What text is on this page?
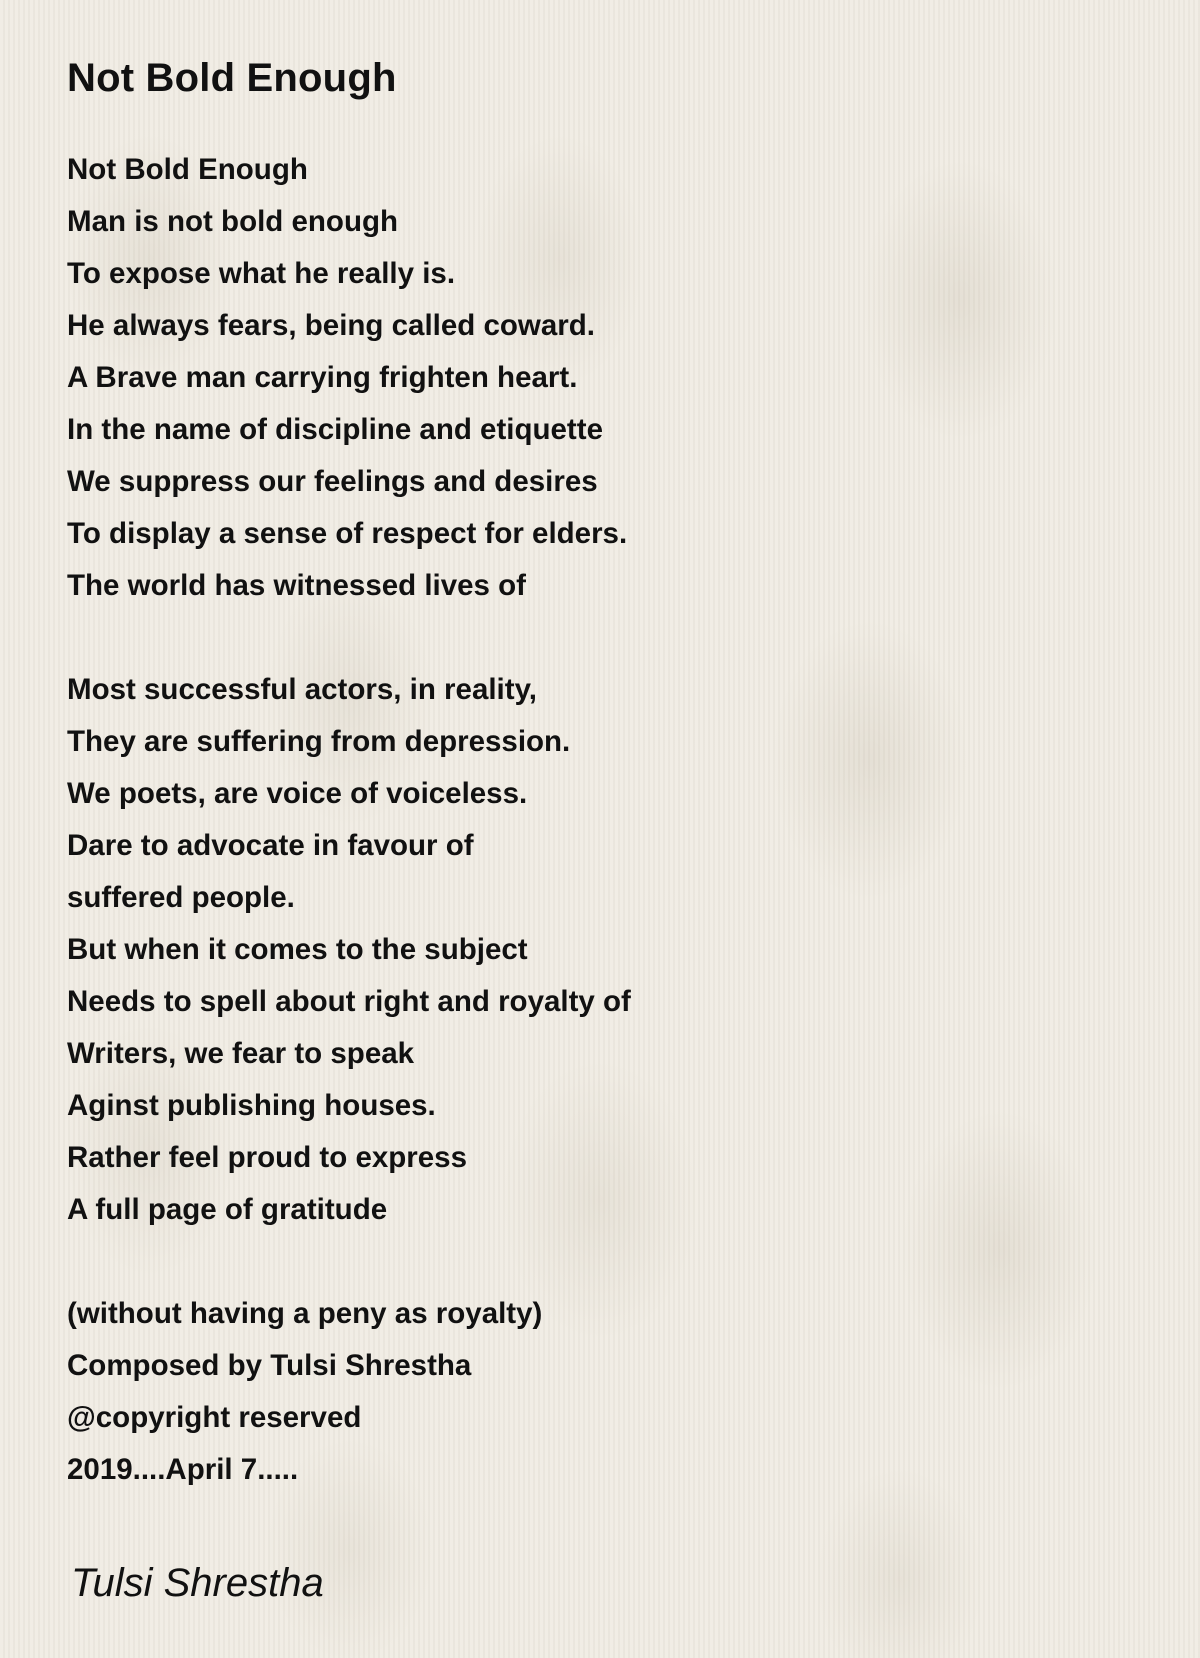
Not Bold Enough
Not Bold Enough
Man is not bold enough
To expose what he really is.
He always fears, being called coward.
A Brave man carrying frighten heart.
In the name of discipline and etiquette
We suppress our feelings and desires
To display a sense of respect for elders.
The world has witnessed lives of
Most successful actors, in reality,
They are suffering from depression.
We poets, are voice of voiceless.
Dare to advocate in favour of
suffered people.
But when it comes to the subject
Needs to spell about right and royalty of
Writers, we fear to speak
Aginst publishing houses.
Rather feel proud to express
A full page of gratitude
(without having a peny as royalty)
Composed by Tulsi Shrestha
@copyright reserved
2019....April 7.....
Tulsi Shrestha
